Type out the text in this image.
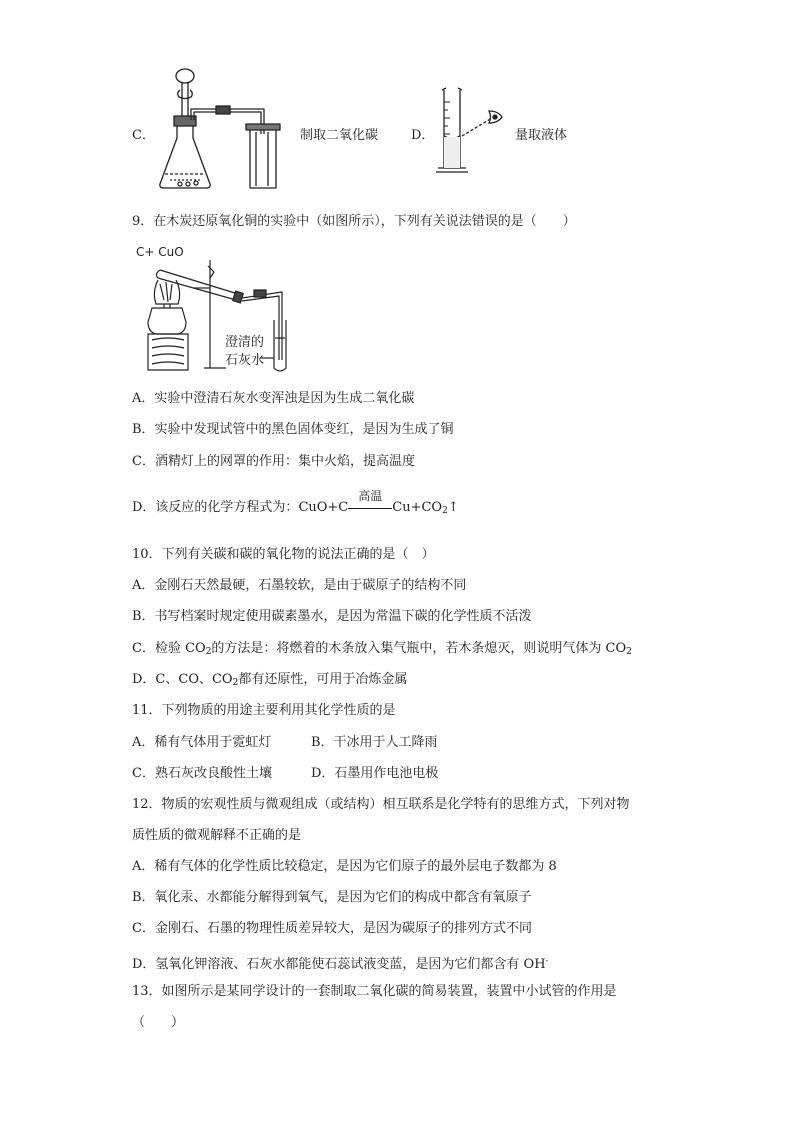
C．	制取二氧化碳	D．	量取液体
9．在木炭还原氧化铜的实验中（如图所示），下列有关说法错误的是（　　）
C+ CuO
澄清的
石灰水
A．实验中澄清石灰水变浑浊是因为生成二氧化碳
B．实验中发现试管中的黑色固体变红，是因为生成了铜
C．酒精灯上的网罩的作用：集中火焰，提高温度
D．该反应的化学方程式为：CuO+C
高温
$Cu+CO_2↑$
10．下列有关碳和碳的氧化物的说法正确的是（　）
A．金刚石天然最硬，石墨较软，是由于碳原子的结构不同
B．书写档案时规定使用碳素墨水，是因为常温下碳的化学性质不活泼
C．检验 $CO_2$的方法是：将燃着的木条放入集气瓶中，若木条熄灭，则说明气体为 $CO_2$
D．C、CO、$CO_2$都有还原性，可用于冶炼金属
11．下列物质的用途主要利用其化学性质的是
A．稀有气体用于霓虹灯	B．干冰用于人工降雨
C．熟石灰改良酸性土壤	D．石墨用作电池电极
12．物质的宏观性质与微观组成（或结构）相互联系是化学特有的思维方式，下列对物
质性质的微观解释不正确的是
A．稀有气体的化学性质比较稳定，是因为它们原子的最外层电子数都为 8
B．氧化汞、水都能分解得到氧气，是因为它们的构成中都含有氧原子
C．金刚石、石墨的物理性质差异较大，是因为碳原子的排列方式不同
D．氢氧化钾溶液、石灰水都能使石蕊试液变蓝，是因为它们都含有 OH-
13．如图所示是某同学设计的一套制取二氧化碳的简易装置，装置中小试管的作用是
（　　）
